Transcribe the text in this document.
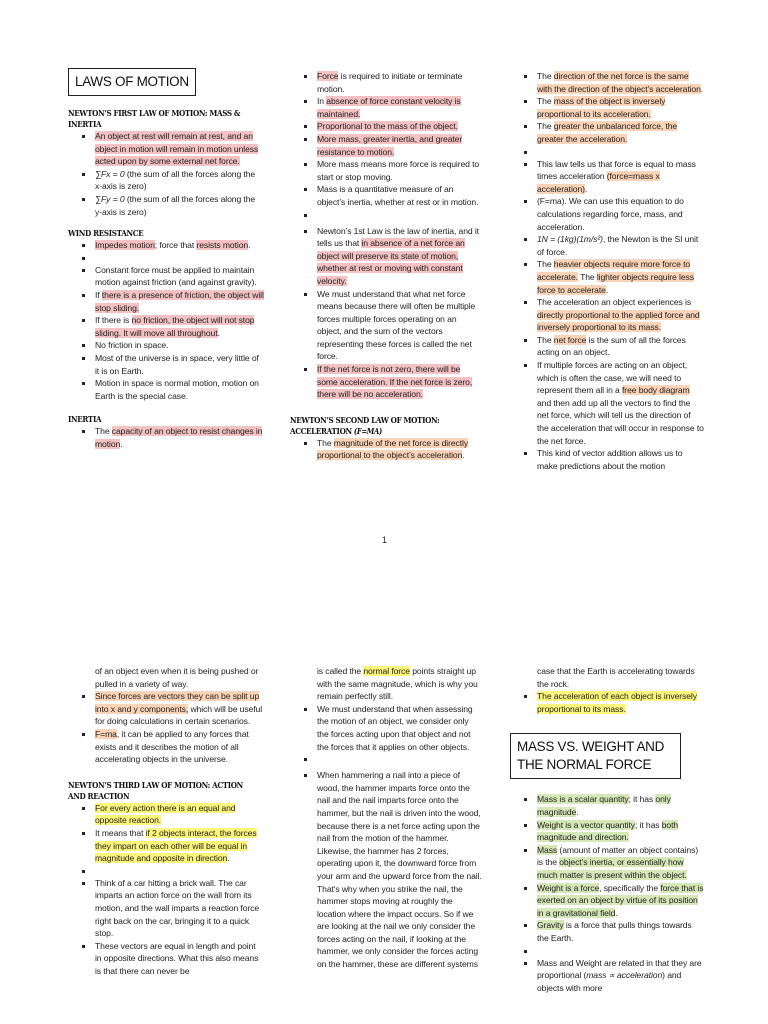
LAWS OF MOTION
NEWTON’S FIRST LAW OF MOTION: MASS & INERTIA
An object at rest will remain at rest, and an object in motion will remain in motion unless acted upon by some external net force.
∑Fx = 0 (the sum of all the forces along the x-axis is zero)
∑Fy = 0 (the sum of all the forces along the y-axis is zero)
WIND RESISTANCE
Impedes motion; force that resists motion.
Constant force must be applied to maintain motion against friction (and against gravity).
If there is a presence of friction, the object will stop sliding.
If there is no friction, the object will not stop sliding. It will move all throughout.
No friction in space.
Most of the universe is in space, very little of it is on Earth.
Motion in space is normal motion, motion on Earth is the special case.
INERTIA
The capacity of an object to resist changes in motion.
Force is required to initiate or terminate motion.
In absence of force constant velocity is maintained.
Proportional to the mass of the object.
More mass, greater inertia, and greater resistance to motion.
More mass means more force is required to start or stop moving.
Mass is a quantitative measure of an object’s inertia, whether at rest or in motion.
Newton’s 1st Law is the law of inertia, and it tells us that in absence of a net force an object will preserve its state of motion, whether at rest or moving with constant velocity.
We must understand that what net force means because there will often be multiple forces multiple forces operating on an object, and the sum of the vectors representing these forces is called the net force.
If the net force is not zero, there will be some acceleration. If the net force is zero, there will be no acceleration.
NEWTON’S SECOND LAW OF MOTION:
ACCELERATION (F=MA)
The magnitude of the net force is directly proportional to the object’s acceleration.
The direction of the net force is the same with the direction of the object’s acceleration.
The mass of the object is inversely proportional to its acceleration.
The greater the unbalanced force, the greater the acceleration.
This law tells us that force is equal to mass times acceleration (force=mass x acceleration).
(F=ma). We can use this equation to do calculations regarding force, mass, and acceleration.
1N = (1kg)(1m/s²), the Newton is the SI unit of force.
The heavier objects require more force to accelerate. The lighter objects require less force to accelerate.
The acceleration an object experiences is directly proportional to the applied force and inversely proportional to its mass.
The net force is the sum of all the forces acting on an object.
If multiple forces are acting on an object, which is often the case, we will need to represent them all in a free body diagram and then add up all the vectors to find the net force, which will tell us the direction of the acceleration that will occur in response to the net force.
This kind of vector addition allows us to make predictions about the motion
1
of an object even when it is being pushed or pulled in a variety of way.
Since forces are vectors they can be split up into x and y components, which will be useful for doing calculations in certain scenarios.
F=ma, it can be applied to any forces that exists and it describes the motion of all accelerating objects in the universe.
NEWTON’S THIRD LAW OF MOTION: ACTION AND REACTION
For every action there is an equal and opposite reaction.
It means that if 2 objects interact, the forces they impart on each other will be equal in magnitude and opposite in direction.
Think of a car hitting a brick wall. The car imparts an action force on the wall from its motion, and the wall imparts a reaction force right back on the car, bringing it to a quick stop.
These vectors are equal in length and point in opposite directions. What this also means is that there can never be
is called the normal force points straight up with the same magnitude, which is why you remain perfectly still.
We must understand that when assessing the motion of an object, we consider only the forces acting upon that object and not the forces that it applies on other objects.
When hammering a nail into a piece of wood, the hammer imparts force onto the nail and the nail imparts force onto the hammer, but the nail is driven into the wood, because there is a net force acting upon the nail from the motion of the hammer. Likewise, the hammer has 2 forces, operating upon it, the downward force from your arm and the upward force from the nail. That's why when you strike the nail, the hammer stops moving at roughly the location where the impact occurs. So if we are looking at the nail we only consider the forces acting on the nail, if looking at the hammer, we only consider the forces acting on the hammer, these are different systems
case that the Earth is accelerating towards the rock.
The acceleration of each object is inversely proportional to its mass.
MASS VS. WEIGHT AND THE NORMAL FORCE
Mass is a scalar quantity; it has only magnitude.
Weight is a vector quantity; it has both magnitude and direction.
Mass (amount of matter an object contains) is the object’s inertia, or essentially how much matter is present within the object.
Weight is a force, specifically the force that is exerted on an object by virtue of its position in a gravitational field.
Gravity is a force that pulls things towards the Earth.
Mass and Weight are related in that they are proportional (mass ∝ acceleration) and objects with more
